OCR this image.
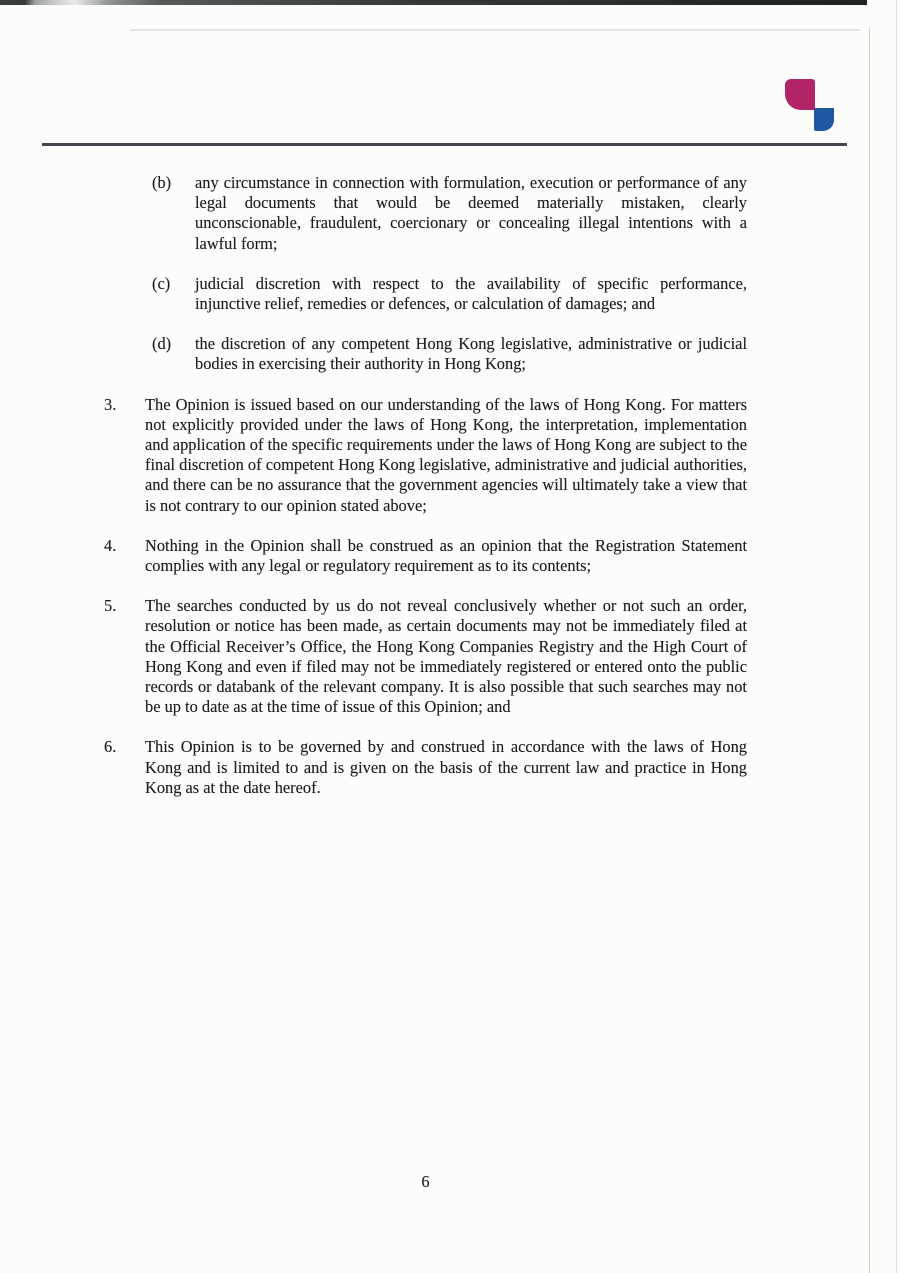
(b)	any circumstance in connection with formulation, execution or performance of any legal documents that would be deemed materially mistaken, clearly unconscionable, fraudulent, coercionary or concealing illegal intentions with a lawful form;

(c)	judicial discretion with respect to the availability of specific performance, injunctive relief, remedies or defences, or calculation of damages; and

(d)	the discretion of any competent Hong Kong legislative, administrative or judicial bodies in exercising their authority in Hong Kong;

3.	The Opinion is issued based on our understanding of the laws of Hong Kong. For matters not explicitly provided under the laws of Hong Kong, the interpretation, implementation and application of the specific requirements under the laws of Hong Kong are subject to the final discretion of competent Hong Kong legislative, administrative and judicial authorities, and there can be no assurance that the government agencies will ultimately take a view that is not contrary to our opinion stated above;

4.	Nothing in the Opinion shall be construed as an opinion that the Registration Statement complies with any legal or regulatory requirement as to its contents;

5.	The searches conducted by us do not reveal conclusively whether or not such an order, resolution or notice has been made, as certain documents may not be immediately filed at the Official Receiver’s Office, the Hong Kong Companies Registry and the High Court of Hong Kong and even if filed may not be immediately registered or entered onto the public records or databank of the relevant company. It is also possible that such searches may not be up to date as at the time of issue of this Opinion; and

6.	This Opinion is to be governed by and construed in accordance with the laws of Hong Kong and is limited to and is given on the basis of the current law and practice in Hong Kong as at the date hereof.

6
